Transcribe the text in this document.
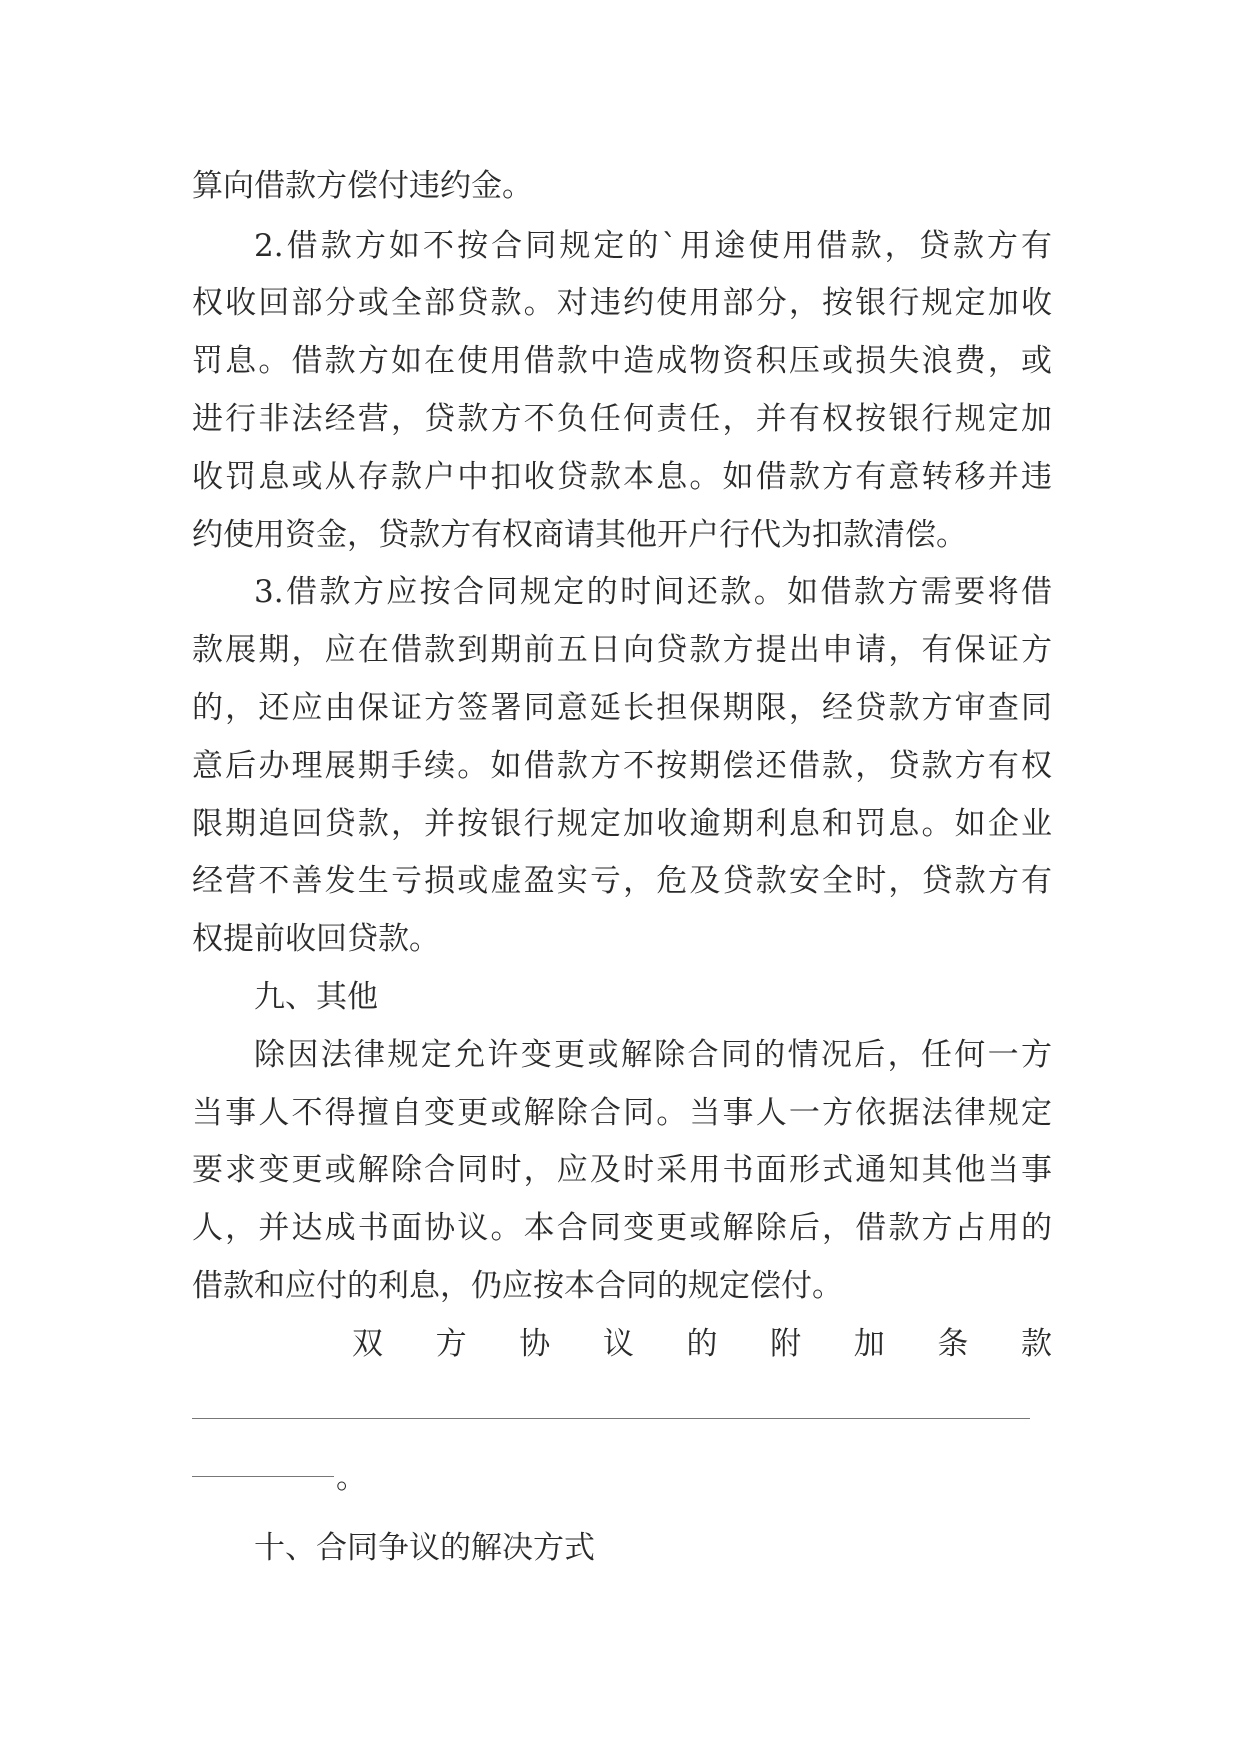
算向借款方偿付违约金。
2.借款方如不按合同规定的`用途使用借款，贷款方有
权收回部分或全部贷款。对违约使用部分，按银行规定加收
罚息。借款方如在使用借款中造成物资积压或损失浪费，或
进行非法经营，贷款方不负任何责任，并有权按银行规定加
收罚息或从存款户中扣收贷款本息。如借款方有意转移并违
约使用资金，贷款方有权商请其他开户行代为扣款清偿。
3.借款方应按合同规定的时间还款。如借款方需要将借
款展期，应在借款到期前五日向贷款方提出申请，有保证方
的，还应由保证方签署同意延长担保期限，经贷款方审查同
意后办理展期手续。如借款方不按期偿还借款，贷款方有权
限期追回贷款，并按银行规定加收逾期利息和罚息。如企业
经营不善发生亏损或虚盈实亏，危及贷款安全时，贷款方有
权提前收回贷款。
九、其他
除因法律规定允许变更或解除合同的情况后，任何一方
当事人不得擅自变更或解除合同。当事人一方依据法律规定
要求变更或解除合同时，应及时采用书面形式通知其他当事
人，并达成书面协议。本合同变更或解除后，借款方占用的
借款和应付的利息，仍应按本合同的规定偿付。
双 方 协 议 的 附 加 条 款
。
十、合同争议的解决方式
